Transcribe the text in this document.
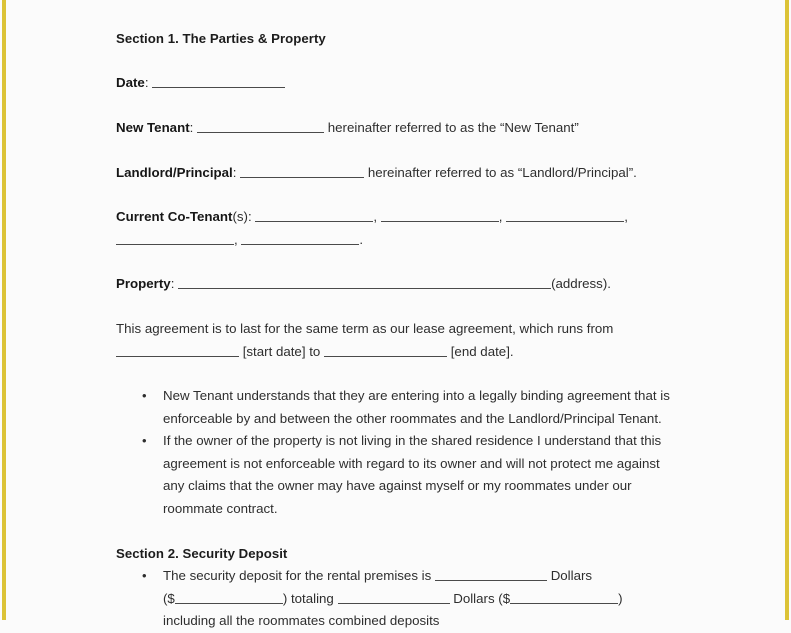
Section 1. The Parties & Property
Date:
New Tenant:	hereinafter referred to as the “New Tenant”
Landlord/Principal:	hereinafter referred to as “Landlord/Principal”.
Current Co-Tenant(s):	,	,	,
,	.
Property:	(address).

This agreement is to last for the same term as our lease agreement, which runs from

[start date] to	[end date].

• New Tenant understands that they are entering into a legally binding agreement that is enforceable by and between the other roommates and the Landlord/Principal Tenant.
• If the owner of the property is not living in the shared residence I understand that this agreement is not enforceable with regard to its owner and will not protect me against any claims that the owner may have against myself or my roommates under our roommate contract.
Section 2. Security Deposit
• The security deposit for the rental premises is	Dollars
($	) totaling	Dollars ($	)
including all the roommates combined deposits
